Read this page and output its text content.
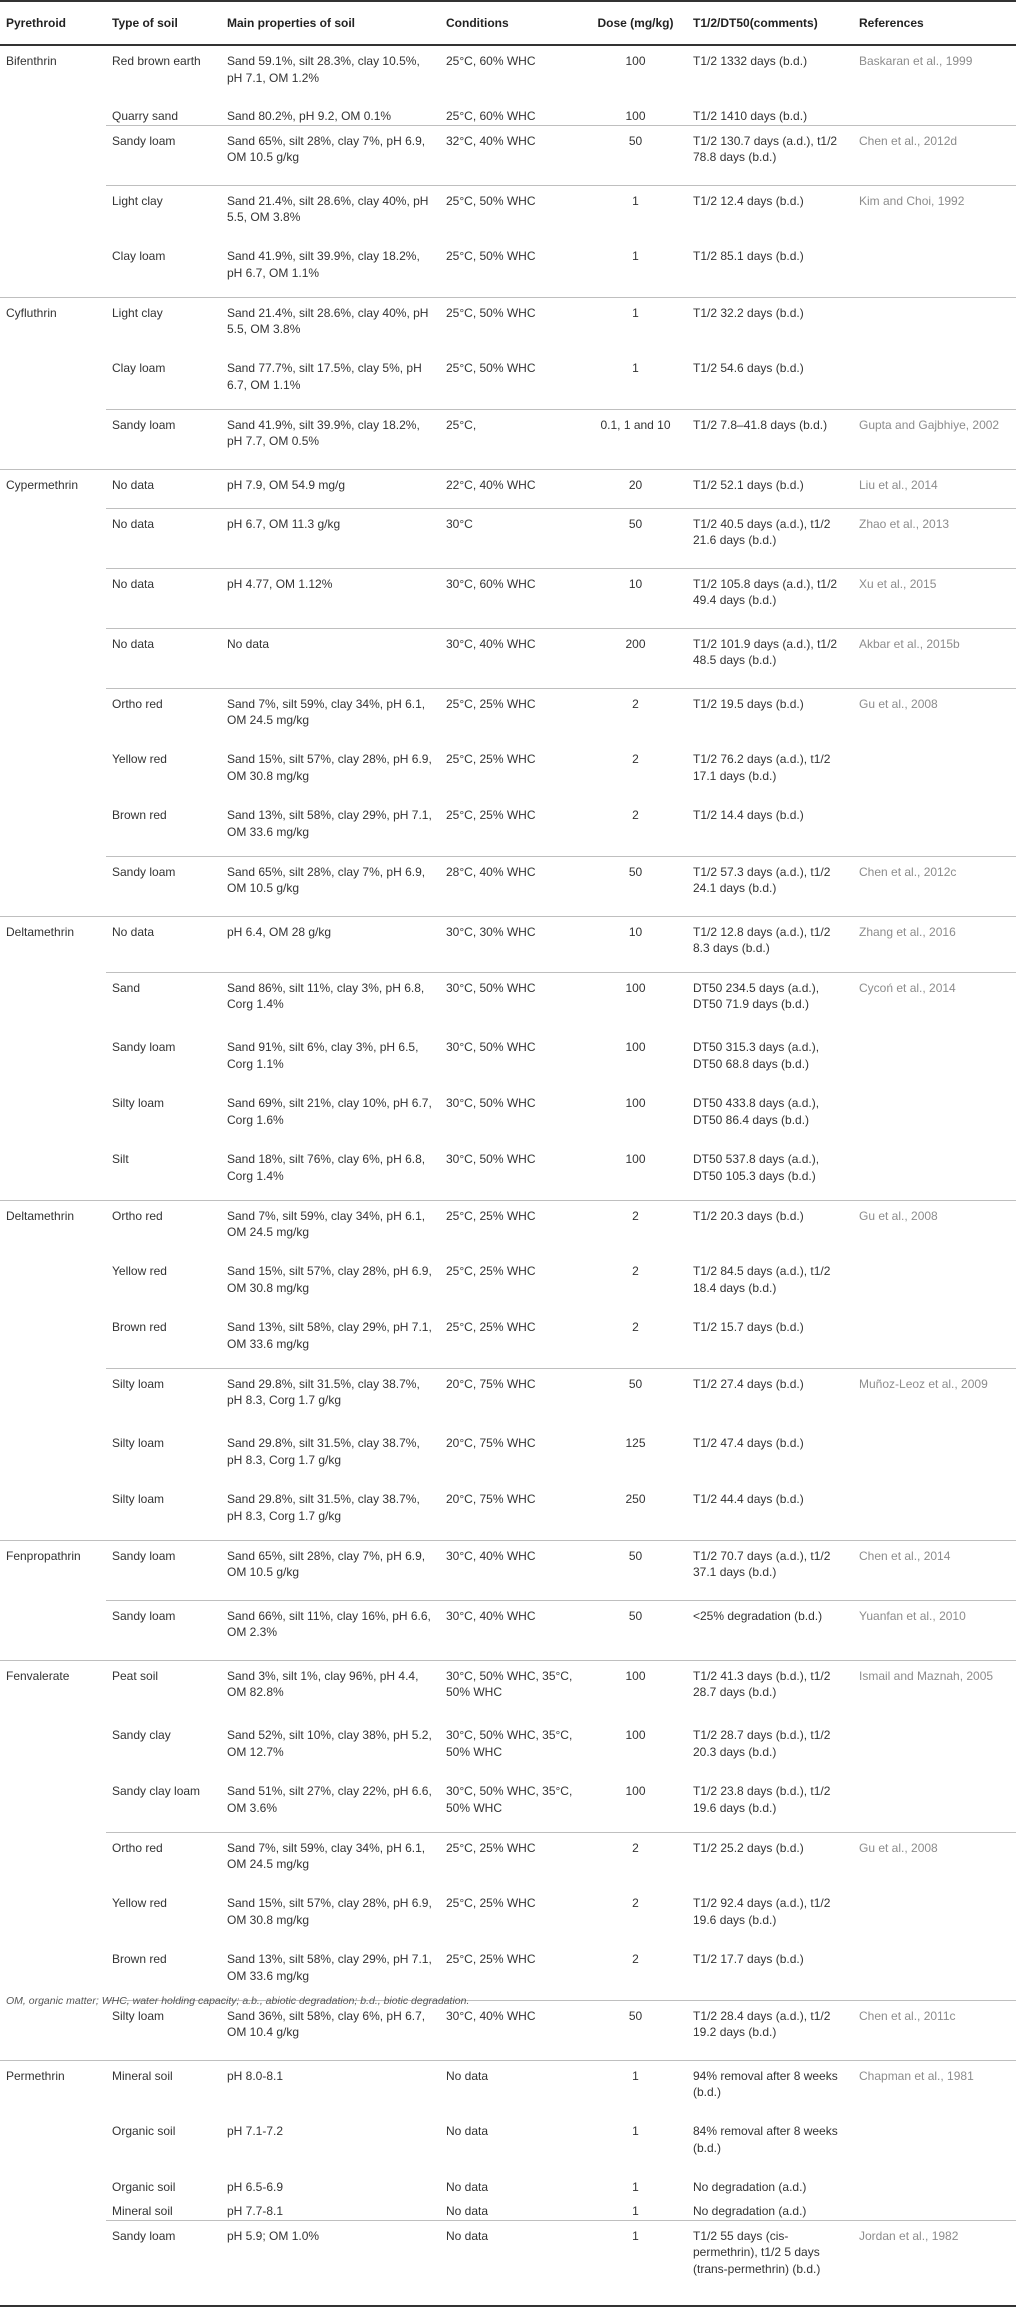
Pyrethroid	Type of soil	Main properties of soil	Conditions	Dose (mg/kg)	T1/2/DT50(comments)	References
Bifenthrin	Red brown earth	Sand 59.1%, silt 28.3%, clay 10.5%, pH 7.1, OM 1.2%	25°C, 60% WHC	100	T1/2 1332 days (b.d.)	Baskaran et al., 1999
	Quarry sand	Sand 80.2%, pH 9.2, OM 0.1%	25°C, 60% WHC	100	T1/2 1410 days (b.d.)	
	Sandy loam	Sand 65%, silt 28%, clay 7%, pH 6.9, OM 10.5 g/kg	32°C, 40% WHC	50	T1/2 130.7 days (a.d.), t1/2 78.8 days (b.d.)	Chen et al., 2012d
	Light clay	Sand 21.4%, silt 28.6%, clay 40%, pH 5.5, OM 3.8%	25°C, 50% WHC	1	T1/2 12.4 days (b.d.)	Kim and Choi, 1992
	Clay loam	Sand 41.9%, silt 39.9%, clay 18.2%, pH 6.7, OM 1.1%	25°C, 50% WHC	1	T1/2 85.1 days (b.d.)	
Cyfluthrin	Light clay	Sand 21.4%, silt 28.6%, clay 40%, pH 5.5, OM 3.8%	25°C, 50% WHC	1	T1/2 32.2 days (b.d.)	
	Clay loam	Sand 77.7%, silt 17.5%, clay 5%, pH 6.7, OM 1.1%	25°C, 50% WHC	1	T1/2 54.6 days (b.d.)	
	Sandy loam	Sand 41.9%, silt 39.9%, clay 18.2%, pH 7.7, OM 0.5%	25°C,	0.1, 1 and 10	T1/2 7.8–41.8 days (b.d.)	Gupta and Gajbhiye, 2002
Cypermethrin	No data	pH 7.9, OM 54.9 mg/g	22°C, 40% WHC	20	T1/2 52.1 days (b.d.)	Liu et al., 2014
	No data	pH 6.7, OM 11.3 g/kg	30°C	50	T1/2 40.5 days (a.d.), t1/2 21.6 days (b.d.)	Zhao et al., 2013
	No data	pH 4.77, OM 1.12%	30°C, 60% WHC	10	T1/2 105.8 days (a.d.), t1/2 49.4 days (b.d.)	Xu et al., 2015
	No data	No data	30°C, 40% WHC	200	T1/2 101.9 days (a.d.), t1/2 48.5 days (b.d.)	Akbar et al., 2015b
	Ortho red	Sand 7%, silt 59%, clay 34%, pH 6.1, OM 24.5 mg/kg	25°C, 25% WHC	2	T1/2 19.5 days (b.d.)	Gu et al., 2008
	Yellow red	Sand 15%, silt 57%, clay 28%, pH 6.9, OM 30.8 mg/kg	25°C, 25% WHC	2	T1/2 76.2 days (a.d.), t1/2 17.1 days (b.d.)	
	Brown red	Sand 13%, silt 58%, clay 29%, pH 7.1, OM 33.6 mg/kg	25°C, 25% WHC	2	T1/2 14.4 days (b.d.)	
	Sandy loam	Sand 65%, silt 28%, clay 7%, pH 6.9, OM 10.5 g/kg	28°C, 40% WHC	50	T1/2 57.3 days (a.d.), t1/2 24.1 days (b.d.)	Chen et al., 2012c
Deltamethrin	No data	pH 6.4, OM 28 g/kg	30°C, 30% WHC	10	T1/2 12.8 days (a.d.), t1/2 8.3 days (b.d.)	Zhang et al., 2016
	Sand	Sand 86%, silt 11%, clay 3%, pH 6.8, Corg 1.4%	30°C, 50% WHC	100	DT50 234.5 days (a.d.), DT50 71.9 days (b.d.)	Cycoń et al., 2014
	Sandy loam	Sand 91%, silt 6%, clay 3%, pH 6.5, Corg 1.1%	30°C, 50% WHC	100	DT50 315.3 days (a.d.), DT50 68.8 days (b.d.)	
	Silty loam	Sand 69%, silt 21%, clay 10%, pH 6.7, Corg 1.6%	30°C, 50% WHC	100	DT50 433.8 days (a.d.), DT50 86.4 days (b.d.)	
	Silt	Sand 18%, silt 76%, clay 6%, pH 6.8, Corg 1.4%	30°C, 50% WHC	100	DT50 537.8 days (a.d.), DT50 105.3 days (b.d.)	
Deltamethrin	Ortho red	Sand 7%, silt 59%, clay 34%, pH 6.1, OM 24.5 mg/kg	25°C, 25% WHC	2	T1/2 20.3 days (b.d.)	Gu et al., 2008
	Yellow red	Sand 15%, silt 57%, clay 28%, pH 6.9, OM 30.8 mg/kg	25°C, 25% WHC	2	T1/2 84.5 days (a.d.), t1/2 18.4 days (b.d.)	
	Brown red	Sand 13%, silt 58%, clay 29%, pH 7.1, OM 33.6 mg/kg	25°C, 25% WHC	2	T1/2 15.7 days (b.d.)	
	Silty loam	Sand 29.8%, silt 31.5%, clay 38.7%, pH 8.3, Corg 1.7 g/kg	20°C, 75% WHC	50	T1/2 27.4 days (b.d.)	Muñoz-Leoz et al., 2009
	Silty loam	Sand 29.8%, silt 31.5%, clay 38.7%, pH 8.3, Corg 1.7 g/kg	20°C, 75% WHC	125	T1/2 47.4 days (b.d.)	
	Silty loam	Sand 29.8%, silt 31.5%, clay 38.7%, pH 8.3, Corg 1.7 g/kg	20°C, 75% WHC	250	T1/2 44.4 days (b.d.)	
Fenpropathrin	Sandy loam	Sand 65%, silt 28%, clay 7%, pH 6.9, OM 10.5 g/kg	30°C, 40% WHC	50	T1/2 70.7 days (a.d.), t1/2 37.1 days (b.d.)	Chen et al., 2014
	Sandy loam	Sand 66%, silt 11%, clay 16%, pH 6.6, OM 2.3%	30°C, 40% WHC	50	<25% degradation (b.d.)	Yuanfan et al., 2010
Fenvalerate	Peat soil	Sand 3%, silt 1%, clay 96%, pH 4.4, OM 82.8%	30°C, 50% WHC, 35°C, 50% WHC	100	T1/2 41.3 days (b.d.), t1/2 28.7 days (b.d.)	Ismail and Maznah, 2005
	Sandy clay	Sand 52%, silt 10%, clay 38%, pH 5.2, OM 12.7%	30°C, 50% WHC, 35°C, 50% WHC	100	T1/2 28.7 days (b.d.), t1/2 20.3 days (b.d.)	
	Sandy clay loam	Sand 51%, silt 27%, clay 22%, pH 6.6, OM 3.6%	30°C, 50% WHC, 35°C, 50% WHC	100	T1/2 23.8 days (b.d.), t1/2 19.6 days (b.d.)	
	Ortho red	Sand 7%, silt 59%, clay 34%, pH 6.1, OM 24.5 mg/kg	25°C, 25% WHC	2	T1/2 25.2 days (b.d.)	Gu et al., 2008
	Yellow red	Sand 15%, silt 57%, clay 28%, pH 6.9, OM 30.8 mg/kg	25°C, 25% WHC	2	T1/2 92.4 days (a.d.), t1/2 19.6 days (b.d.)	
	Brown red	Sand 13%, silt 58%, clay 29%, pH 7.1, OM 33.6 mg/kg	25°C, 25% WHC	2	T1/2 17.7 days (b.d.)	
	Silty loam	Sand 36%, silt 58%, clay 6%, pH 6.7, OM 10.4 g/kg	30°C, 40% WHC	50	T1/2 28.4 days (a.d.), t1/2 19.2 days (b.d.)	Chen et al., 2011c
Permethrin	Mineral soil	pH 8.0-8.1	No data	1	94% removal after 8 weeks (b.d.)	Chapman et al., 1981
	Organic soil	pH 7.1-7.2	No data	1	84% removal after 8 weeks (b.d.)	
	Organic soil	pH 6.5-6.9	No data	1	No degradation (a.d.)	
	Mineral soil	pH 7.7-8.1	No data	1	No degradation (a.d.)	
	Sandy loam	pH 5.9; OM 1.0%	No data	1	T1/2 55 days (cis-permethrin), t1/2 5 days (trans-permethrin) (b.d.)	Jordan et al., 1982
OM, organic matter; WHC, water holding capacity; a.b., abiotic degradation; b.d., biotic degradation.
